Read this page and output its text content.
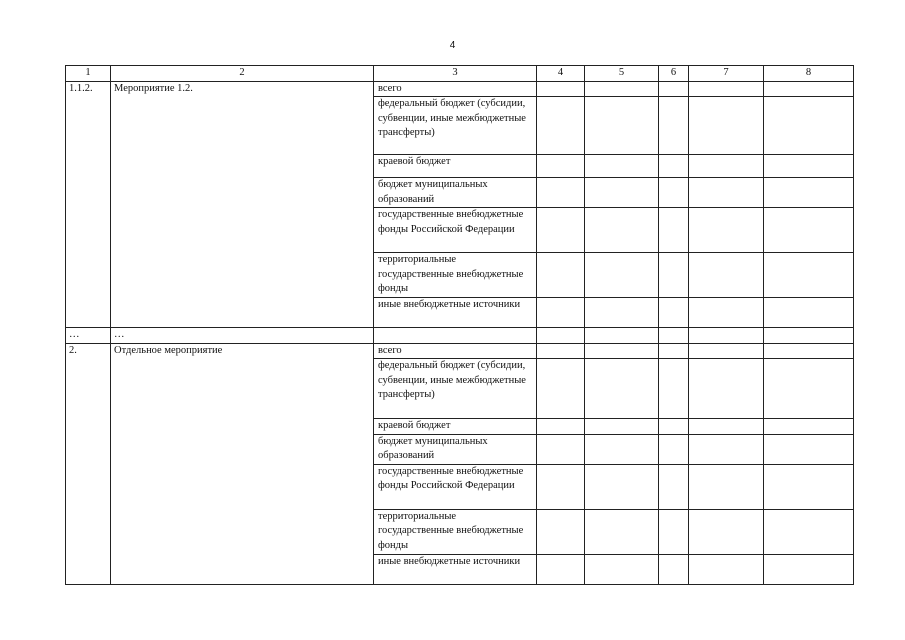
4
1	2	3	4	5	6	7	8
1.1.2.	Мероприятие 1.2.	всего					
		федеральный бюджет (субсидии, субвенции, иные межбюджетные трансферты)					
		краевой бюджет					
		бюджет муниципальных образований					
		государственные внебюджетные фонды Российской Федерации					
		территориальные государственные внебюджетные фонды					
		иные внебюджетные источники					
…	…						
2.	Отдельное мероприятие	всего					
		федеральный бюджет (субсидии, субвенции, иные межбюджетные трансферты)					
		краевой бюджет					
		бюджет муниципальных образований					
		государственные внебюджетные фонды Российской Федерации					
		территориальные государственные внебюджетные фонды					
		иные внебюджетные источники					
